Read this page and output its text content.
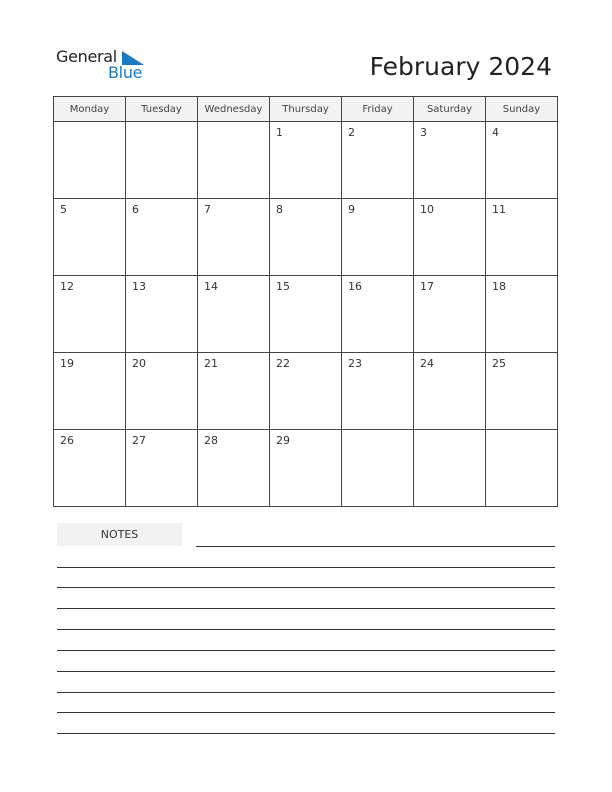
General
Blue	February 2024
Monday	Tuesday	Wednesday	Thursday	Friday	Saturday	Sunday

			1	2	3	4

5	6	7	8	9	10	11

12	13	14	15	16	17	18

19	20	21	22	23	24	25

26	27	28	29			

NOTES
